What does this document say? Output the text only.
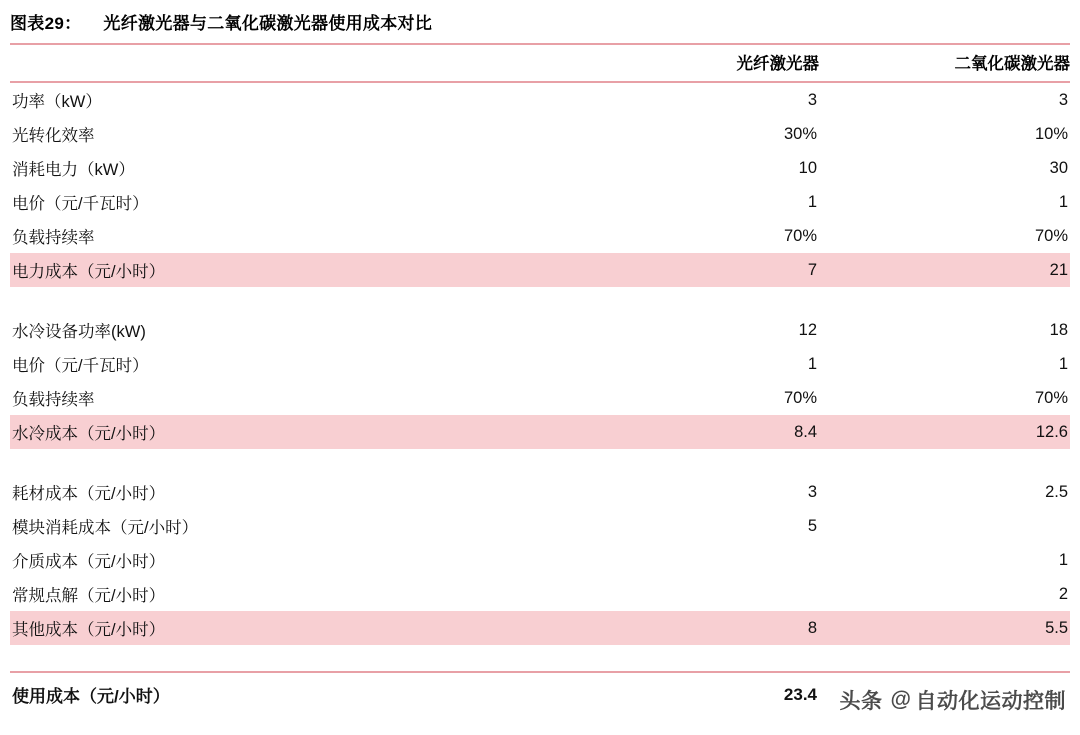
图表29： 光纤激光器与二氧化碳激光器使用成本对比
	光纤激光器	二氧化碳激光器
功率（kW）	3	3
光转化效率	30%	10%
消耗电力（kW）	10	30
电价（元/千瓦时）	1	1
负载持续率	70%	70%
电力成本（元/小时）	7	21

水冷设备功率(kW)	12	18
电价（元/千瓦时）	1	1
负载持续率	70%	70%
水冷成本（元/小时）	8.4	12.6

耗材成本（元/小时）	3	2.5
模块消耗成本（元/小时）	5	
介质成本（元/小时）		1
常规点解（元/小时）		2
其他成本（元/小时）	8	5.5

使用成本（元/小时）	23.4	头条 @ 自动化运动控制
